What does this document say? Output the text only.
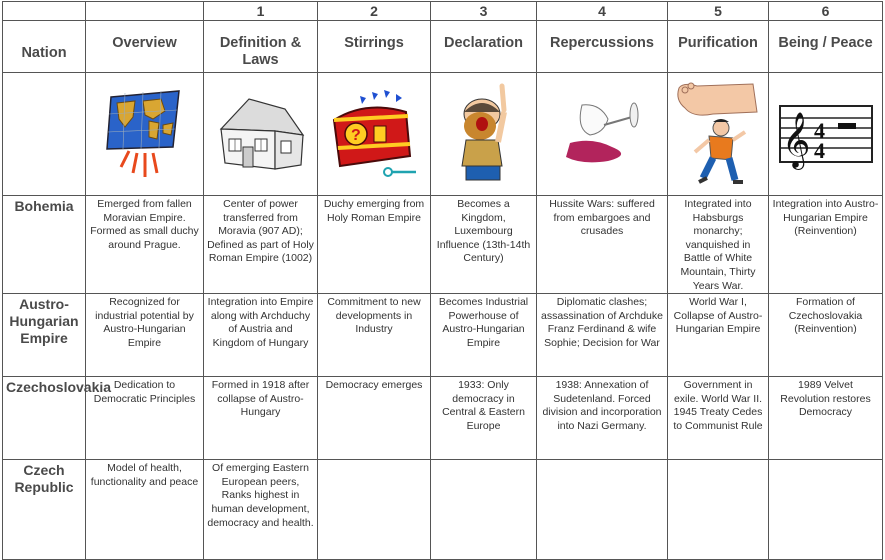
		1	2	3	4	5	6
Nation	Overview	Definition & Laws	Stirrings	Declaration	Repercussions	Purification	Being / Peace

?				𝄞 4
4

Bohemia	Emerged from fallen Moravian Empire. Formed as small duchy around Prague.	Center of power transferred from Moravia (907 AD); Defined as part of Holy Roman Empire (1002)	Duchy emerging from Holy Roman Empire	Becomes a Kingdom, Luxembourg Influence (13th-14th Century)	Hussite Wars: suffered from embargoes and crusades	Integrated into Habsburgs monarchy; vanquished in Battle of White Mountain, Thirty Years War.	Integration into Austro-Hungarian Empire (Reinvention)
Austro-Hungarian Empire	Recognized for industrial potential by Austro-Hungarian Empire	Integration into Empire along with Archduchy of Austria and Kingdom of Hungary	Commitment to new developments in Industry	Becomes Industrial Powerhouse of Austro-Hungarian Empire	Diplomatic clashes; assassination of Archduke Franz Ferdinand & wife Sophie; Decision for War	World War I, Collapse of Austro-Hungarian Empire	Formation of Czechoslovakia (Reinvention)
Czechoslovakia	Dedication to Democratic Principles	Formed in 1918 after collapse of Austro-Hungary	Democracy emerges	1933: Only democracy in Central & Eastern Europe	1938: Annexation of Sudetenland. Forced division and incorporation into Nazi Germany.	Government in exile. World War II. 1945 Treaty Cedes to Communist Rule	1989 Velvet Revolution restores Democracy
Czech Republic	Model of health, functionality and peace	Of emerging Eastern European peers, Ranks highest in human development, democracy and health.					
